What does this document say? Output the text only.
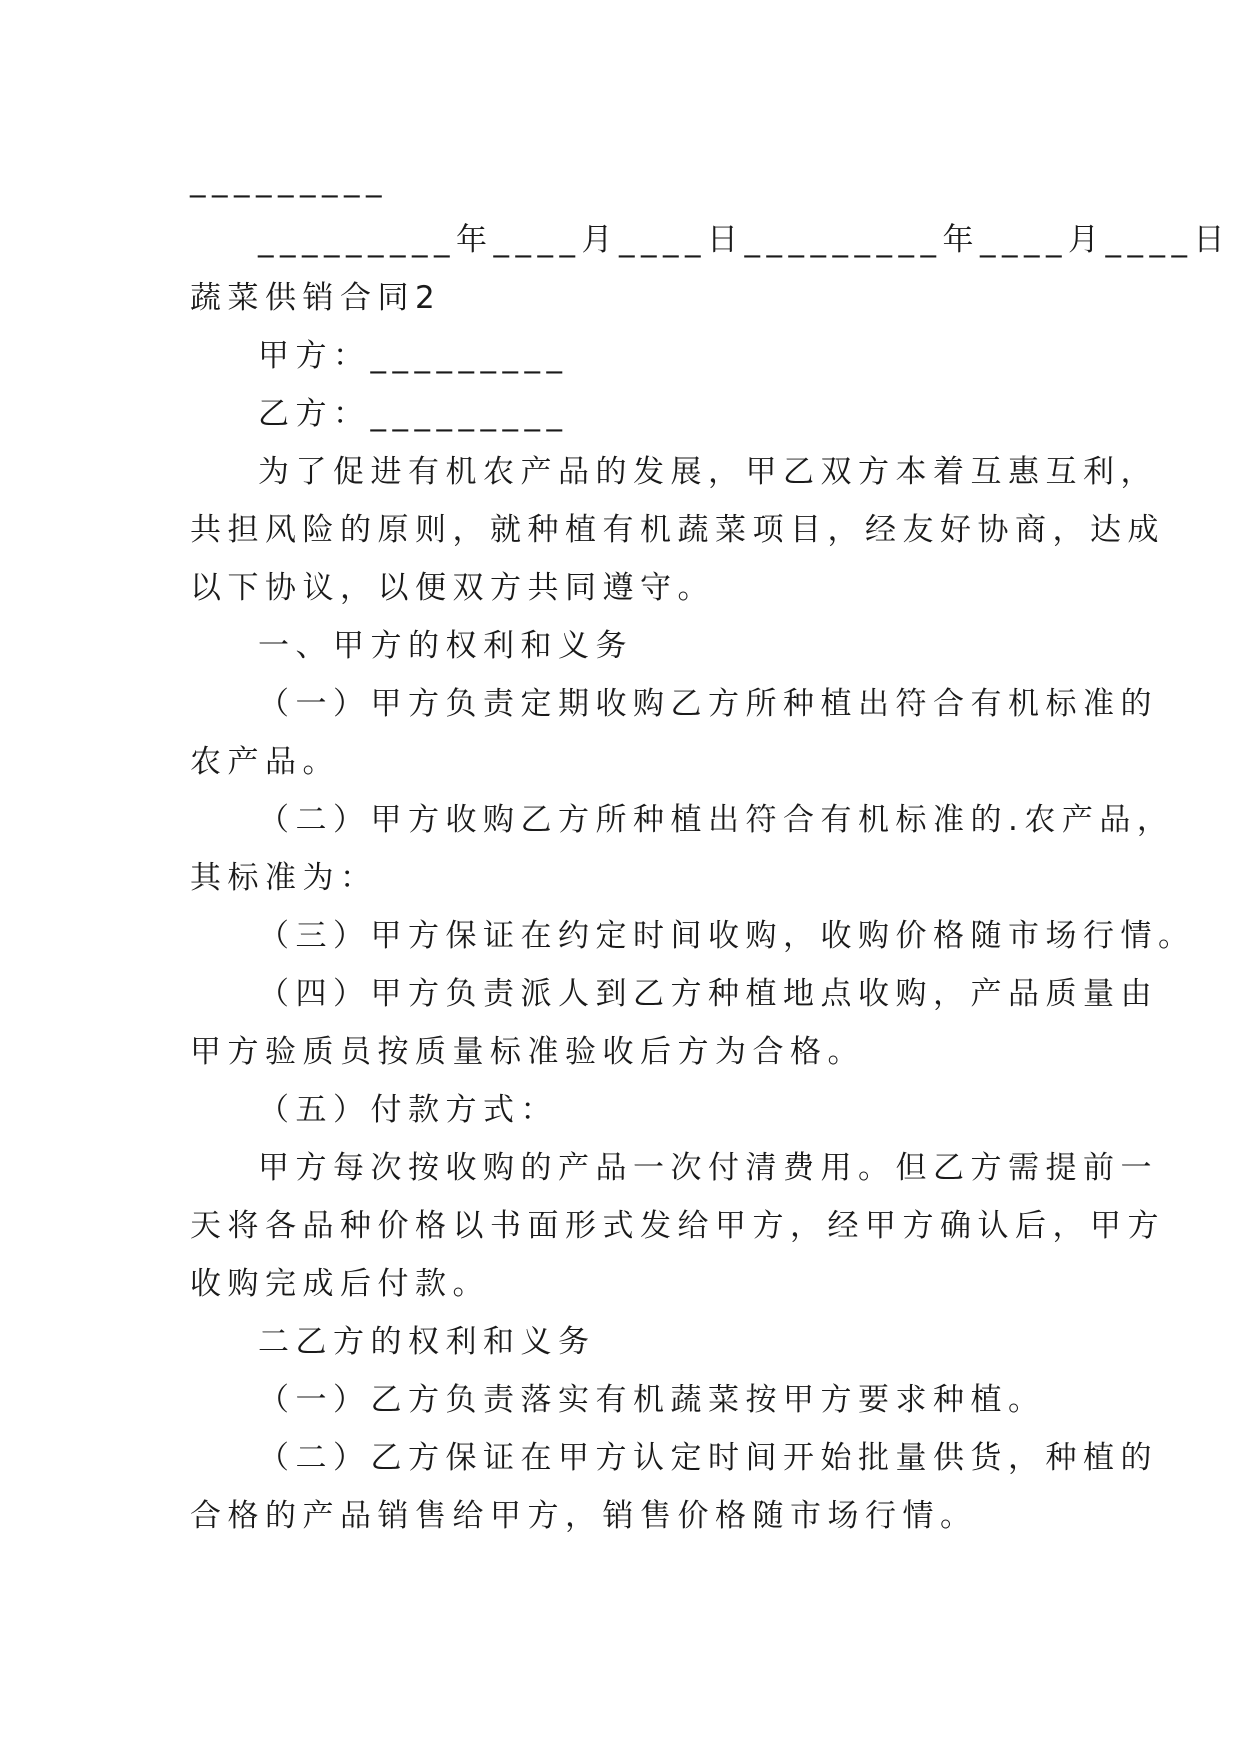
_________

_________年____月____日_________年____月____日

蔬菜供销合同2

甲方：_________

乙方：_________

为了促进有机农产品的发展，甲乙双方本着互惠互利，

共担风险的原则，就种植有机蔬菜项目，经友好协商，达成

以下协议，以便双方共同遵守。

一、甲方的权利和义务

（一）甲方负责定期收购乙方所种植出符合有机标准的

农产品。

（二）甲方收购乙方所种植出符合有机标准的.农产品，

其标准为：

（三）甲方保证在约定时间收购，收购价格随市场行情。

（四）甲方负责派人到乙方种植地点收购，产品质量由

甲方验质员按质量标准验收后方为合格。

（五）付款方式：

甲方每次按收购的产品一次付清费用。但乙方需提前一

天将各品种价格以书面形式发给甲方，经甲方确认后，甲方

收购完成后付款。

二乙方的权利和义务

（一）乙方负责落实有机蔬菜按甲方要求种植。

（二）乙方保证在甲方认定时间开始批量供货，种植的

合格的产品销售给甲方，销售价格随市场行情。
